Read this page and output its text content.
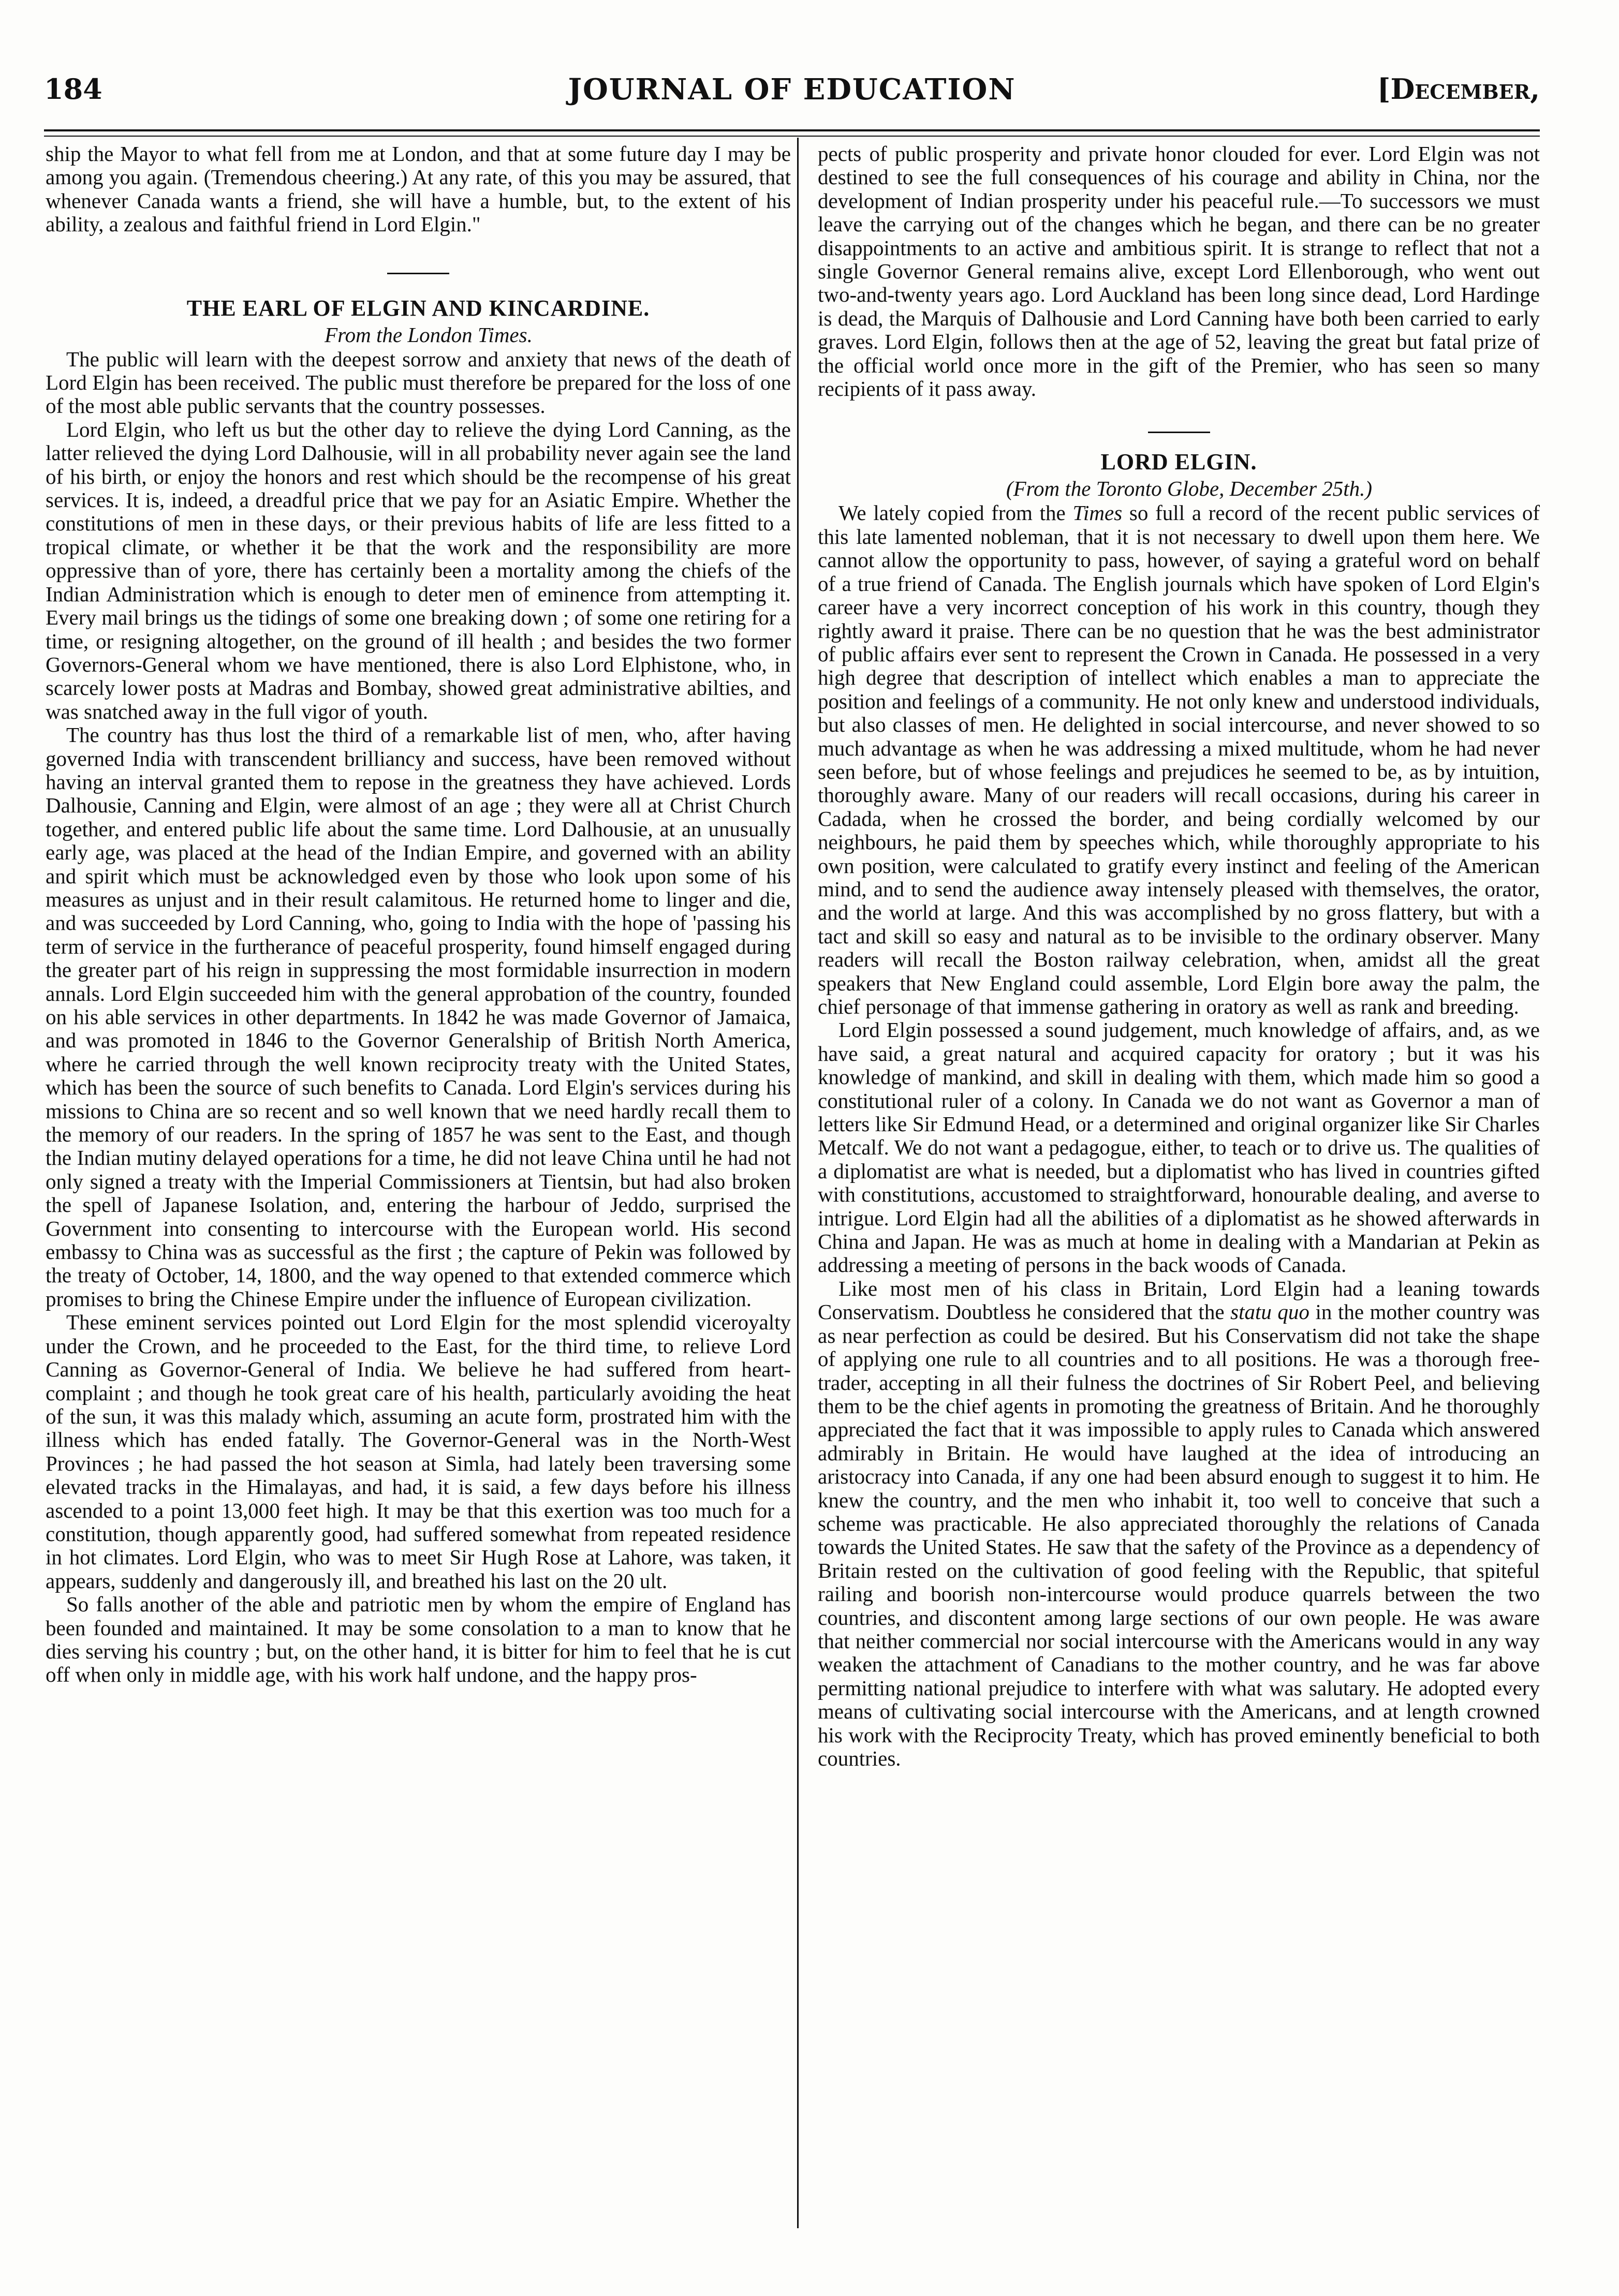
184	JOURNAL OF EDUCATION	[December,

ship the Mayor to what fell from me at London, and that at some future day I may be among you again. (Tremendous cheering.) At any rate, of this you may be assured, that whenever Canada wants a friend, she will have a humble, but, to the extent of his ability, a zealous and faithful friend in Lord Elgin."

THE EARL OF ELGIN AND KINCARDINE.

From the London Times.

The public will learn with the deepest sorrow and anxiety that news of the death of Lord Elgin has been received. The public must therefore be prepared for the loss of one of the most able public servants that the country possesses.

Lord Elgin, who left us but the other day to relieve the dying Lord Canning, as the latter relieved the dying Lord Dalhousie, will in all probability never again see the land of his birth, or enjoy the honors and rest which should be the recompense of his great services. It is, indeed, a dreadful price that we pay for an Asiatic Empire. Whether the constitutions of men in these days, or their previous habits of life are less fitted to a tropical climate, or whether it be that the work and the responsibility are more oppressive than of yore, there has certainly been a mortality among the chiefs of the Indian Administration which is enough to deter men of eminence from attempting it. Every mail brings us the tidings of some one breaking down ; of some one retiring for a time, or resigning altogether, on the ground of ill health ; and besides the two former Governors-General whom we have mentioned, there is also Lord Elphistone, who, in scarcely lower posts at Madras and Bombay, showed great administrative abilties, and was snatched away in the full vigor of youth.

The country has thus lost the third of a remarkable list of men, who, after having governed India with transcendent brilliancy and success, have been removed without having an interval granted them to repose in the greatness they have achieved. Lords Dalhousie, Canning and Elgin, were almost of an age ; they were all at Christ Church together, and entered public life about the same time. Lord Dalhousie, at an unusually early age, was placed at the head of the Indian Empire, and governed with an ability and spirit which must be acknowledged even by those who look upon some of his measures as unjust and in their result calamitous. He returned home to linger and die, and was succeeded by Lord Canning, who, going to India with the hope of 'passing his term of service in the furtherance of peaceful prosperity, found himself engaged during the greater part of his reign in suppressing the most formidable insurrection in modern annals. Lord Elgin succeeded him with the general approbation of the country, founded on his able services in other departments. In 1842 he was made Governor of Jamaica, and was promoted in 1846 to the Governor Generalship of British North America, where he carried through the well known reciprocity treaty with the United States, which has been the source of such benefits to Canada. Lord Elgin's services during his missions to China are so recent and so well known that we need hardly recall them to the memory of our readers. In the spring of 1857 he was sent to the East, and though the Indian mutiny delayed operations for a time, he did not leave China until he had not only signed a treaty with the Imperial Commissioners at Tientsin, but had also broken the spell of Japanese Isolation, and, entering the harbour of Jeddo, surprised the Government into consenting to intercourse with the European world. His second embassy to China was as successful as the first ; the capture of Pekin was followed by the treaty of October, 14, 1800, and the way opened to that extended commerce which promises to bring the Chinese Empire under the influence of European civilization.

These eminent services pointed out Lord Elgin for the most splendid viceroyalty under the Crown, and he proceeded to the East, for the third time, to relieve Lord Canning as Governor-General of India. We believe he had suffered from heart-complaint ; and though he took great care of his health, particularly avoiding the heat of the sun, it was this malady which, assuming an acute form, prostrated him with the illness which has ended fatally. The Governor-General was in the North-West Provinces ; he had passed the hot season at Simla, had lately been traversing some elevated tracks in the Himalayas, and had, it is said, a few days before his illness ascended to a point 13,000 feet high. It may be that this exertion was too much for a constitution, though apparently good, had suffered somewhat from repeated residence in hot climates. Lord Elgin, who was to meet Sir Hugh Rose at Lahore, was taken, it appears, suddenly and dangerously ill, and breathed his last on the 20 ult.

So falls another of the able and patriotic men by whom the empire of England has been founded and maintained. It may be some consolation to a man to know that he dies serving his country ; but, on the other hand, it is bitter for him to feel that he is cut off when only in middle age, with his work half undone, and the happy pros-

pects of public prosperity and private honor clouded for ever. Lord Elgin was not destined to see the full consequences of his courage and ability in China, nor the development of Indian prosperity under his peaceful rule.—To successors we must leave the carrying out of the changes which he began, and there can be no greater disappointments to an active and ambitious spirit. It is strange to reflect that not a single Governor General remains alive, except Lord Ellenborough, who went out two-and-twenty years ago. Lord Auckland has been long since dead, Lord Hardinge is dead, the Marquis of Dalhousie and Lord Canning have both been carried to early graves. Lord Elgin, follows then at the age of 52, leaving the great but fatal prize of the official world once more in the gift of the Premier, who has seen so many recipients of it pass away.

LORD ELGIN.

(From the Toronto Globe, December 25th.)

We lately copied from the Times so full a record of the recent public services of this late lamented nobleman, that it is not necessary to dwell upon them here. We cannot allow the opportunity to pass, however, of saying a grateful word on behalf of a true friend of Canada. The English journals which have spoken of Lord Elgin's career have a very incorrect conception of his work in this country, though they rightly award it praise. There can be no question that he was the best administrator of public affairs ever sent to represent the Crown in Canada. He possessed in a very high degree that description of intellect which enables a man to appreciate the position and feelings of a community. He not only knew and understood individuals, but also classes of men. He delighted in social intercourse, and never showed to so much advantage as when he was addressing a mixed multitude, whom he had never seen before, but of whose feelings and prejudices he seemed to be, as by intuition, thoroughly aware. Many of our readers will recall occasions, during his career in Cadada, when he crossed the border, and being cordially welcomed by our neighbours, he paid them by speeches which, while thoroughly appropriate to his own position, were calculated to gratify every instinct and feeling of the American mind, and to send the audience away intensely pleased with themselves, the orator, and the world at large. And this was accomplished by no gross flattery, but with a tact and skill so easy and natural as to be invisible to the ordinary observer. Many readers will recall the Boston railway celebration, when, amidst all the great speakers that New England could assemble, Lord Elgin bore away the palm, the chief personage of that immense gathering in oratory as well as rank and breeding.

Lord Elgin possessed a sound judgement, much knowledge of affairs, and, as we have said, a great natural and acquired capacity for oratory ; but it was his knowledge of mankind, and skill in dealing with them, which made him so good a constitutional ruler of a colony. In Canada we do not want as Governor a man of letters like Sir Edmund Head, or a determined and original organizer like Sir Charles Metcalf. We do not want a pedagogue, either, to teach or to drive us. The qualities of a diplomatist are what is needed, but a diplomatist who has lived in countries gifted with constitutions, accustomed to straightforward, honourable dealing, and averse to intrigue. Lord Elgin had all the abilities of a diplomatist as he showed afterwards in China and Japan. He was as much at home in dealing with a Mandarian at Pekin as addressing a meeting of persons in the back woods of Canada.

Like most men of his class in Britain, Lord Elgin had a leaning towards Conservatism. Doubtless he considered that the statu quo in the mother country was as near perfection as could be desired. But his Conservatism did not take the shape of applying one rule to all countries and to all positions. He was a thorough free-trader, accepting in all their fulness the doctrines of Sir Robert Peel, and believing them to be the chief agents in promoting the greatness of Britain. And he thoroughly appreciated the fact that it was impossible to apply rules to Canada which answered admirably in Britain. He would have laughed at the idea of introducing an aristocracy into Canada, if any one had been absurd enough to suggest it to him. He knew the country, and the men who inhabit it, too well to conceive that such a scheme was practicable. He also appreciated thoroughly the relations of Canada towards the United States. He saw that the safety of the Province as a dependency of Britain rested on the cultivation of good feeling with the Republic, that spiteful railing and boorish non-intercourse would produce quarrels between the two countries, and discontent among large sections of our own people. He was aware that neither commercial nor social intercourse with the Americans would in any way weaken the attachment of Canadians to the mother country, and he was far above permitting national prejudice to interfere with what was salutary. He adopted every means of cultivating social intercourse with the Americans, and at length crowned his work with the Reciprocity Treaty, which has proved eminently beneficial to both countries.
